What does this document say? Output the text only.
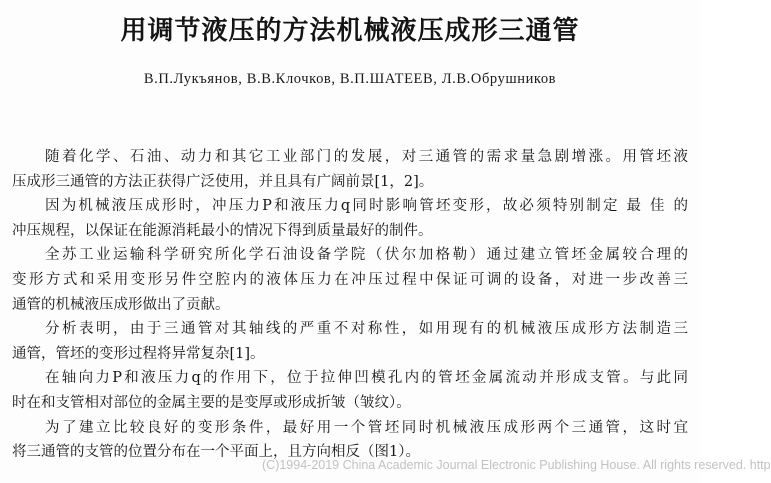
用调节液压的方法机械液压成形三通管
В.П.Лукъянов, В.В.Клочков, В.П.ШАТЕЕВ, Л.В.Обрушников
随着化学、石油、动力和其它工业部门的发展，对三通管的需求量急剧增涨。用管坯液
压成形三通管的方法正获得广泛使用，并且具有广阔前景[1，2]。
因为机械液压成形时，冲压力P和液压力q同时影响管坯变形，故必须特别制定 最 佳 的
冲压规程，以保证在能源消耗最小的情况下得到质量最好的制件。
全苏工业运输科学研究所化学石油设备学院（伏尔加格勒）通过建立管坯金属较合理的
变形方式和采用变形另件空腔内的液体压力在冲压过程中保证可调的设备，对进一步改善三
通管的机械液压成形做出了贡献。
分析表明，由于三通管对其轴线的严重不对称性，如用现有的机械液压成形方法制造三
通管，管坯的变形过程将异常复杂[1]。
在轴向力P和液压力q的作用下，位于拉伸凹模孔内的管坯金属流动并形成支管。与此同
时在和支管相对部位的金属主要的是变厚或形成折皱（皱纹）。
为了建立比较良好的变形条件，最好用一个管坯同时机械液压成形两个三通管，这时宜
将三通管的支管的位置分布在一个平面上，且方向相反（图1）。
(C)1994-2019 China Academic Journal Electronic Publishing House. All rights reserved. http
